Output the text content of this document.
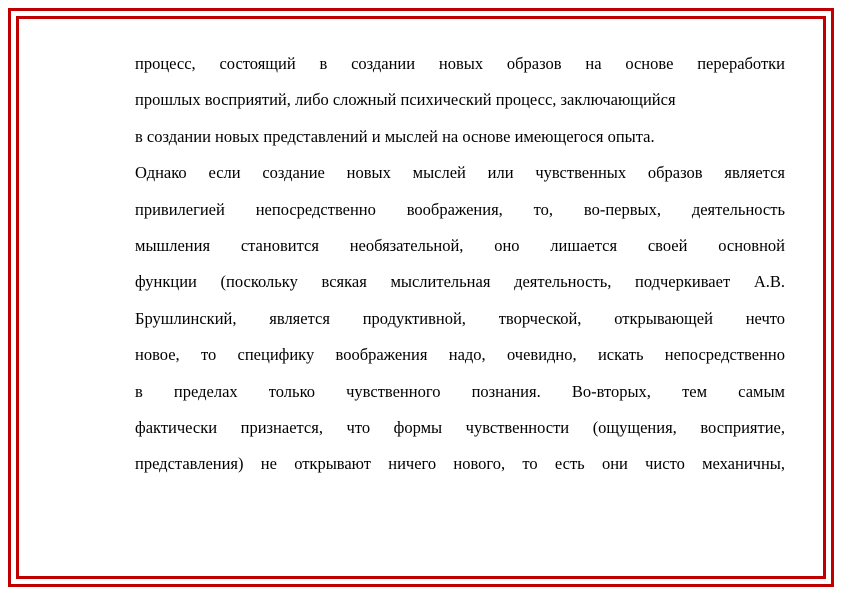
процесс, состоящий в создании новых образов на основе переработки
прошлых восприятий, либо сложный психический процесс, заключающийся
в создании новых представлений и мыслей на основе имеющегося опыта.
Однако если создание новых мыслей или чувственных образов является
привилегией непосредственно воображения, то, во-первых, деятельность
мышления становится необязательной, оно лишается своей основной
функции (поскольку всякая мыслительная деятельность, подчеркивает А.В.
Брушлинский, является продуктивной, творческой, открывающей нечто
новое, то специфику воображения надо, очевидно, искать непосредственно
в пределах только чувственного познания. Во-вторых, тем самым
фактически признается, что формы чувственности (ощущения, восприятие,
представления) не открывают ничего нового, то есть они чисто механичны,
